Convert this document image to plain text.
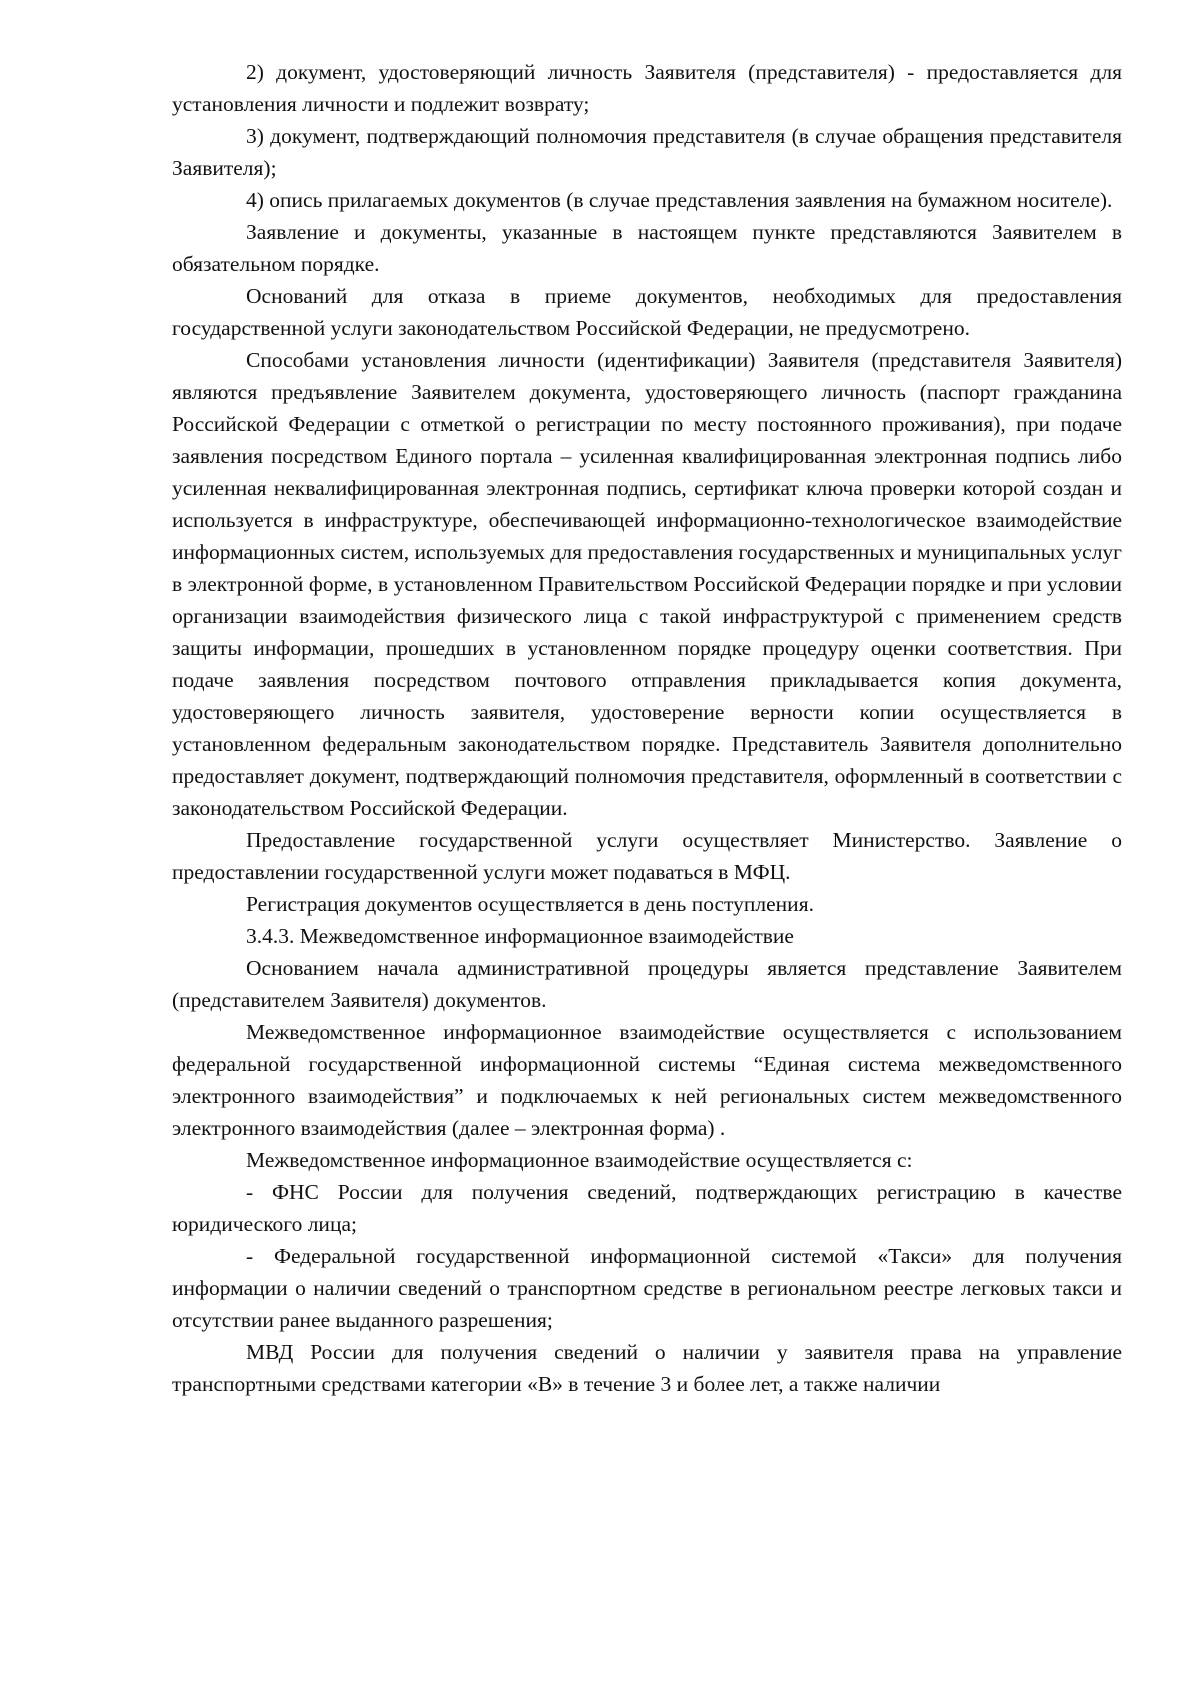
2) документ, удостоверяющий личность Заявителя (представителя) - предоставляется для установления личности и подлежит возврату;

3) документ, подтверждающий полномочия представителя (в случае обращения представителя Заявителя);

4) опись прилагаемых документов (в случае представления заявления на бумажном носителе).

Заявление и документы, указанные в настоящем пункте представляются Заявителем в обязательном порядке.

Оснований для отказа в приеме документов, необходимых для предоставления государственной услуги законодательством Российской Федерации, не предусмотрено.

Способами установления личности (идентификации) Заявителя (представителя Заявителя) являются предъявление Заявителем документа, удостоверяющего личность (паспорт гражданина Российской Федерации с отметкой о регистрации по месту постоянного проживания), при подаче заявления посредством Единого портала – усиленная квалифицированная электронная подпись либо усиленная неквалифицированная электронная подпись, сертификат ключа проверки которой создан и используется в инфраструктуре, обеспечивающей информационно-технологическое взаимодействие информационных систем, используемых для предоставления государственных и муниципальных услуг в электронной форме, в установленном Правительством Российской Федерации порядке и при условии организации взаимодействия физического лица с такой инфраструктурой с применением средств защиты информации, прошедших в установленном порядке процедуру оценки соответствия. При подаче заявления посредством почтового отправления прикладывается копия документа, удостоверяющего личность заявителя, удостоверение верности копии осуществляется в установленном федеральным законодательством порядке. Представитель Заявителя дополнительно предоставляет документ, подтверждающий полномочия представителя, оформленный в соответствии с законодательством Российской Федерации.

Предоставление государственной услуги осуществляет Министерство. Заявление о предоставлении государственной услуги может подаваться в МФЦ.

Регистрация документов осуществляется в день поступления.

3.4.3. Межведомственное информационное взаимодействие

Основанием начала административной процедуры является представление Заявителем (представителем Заявителя) документов.

Межведомственное информационное взаимодействие осуществляется с использованием федеральной государственной информационной системы “Единая система межведомственного электронного взаимодействия” и подключаемых к ней региональных систем межведомственного электронного взаимодействия (далее – электронная форма) .

Межведомственное информационное взаимодействие осуществляется с:

- ФНС России для получения сведений, подтверждающих регистрацию в качестве юридического лица;

- Федеральной государственной информационной системой «Такси» для получения информации о наличии сведений о транспортном средстве в региональном реестре легковых такси и отсутствии ранее выданного разрешения;

МВД России для получения сведений о наличии у заявителя права на управление транспортными средствами категории «В» в течение 3 и более лет, а также наличии
